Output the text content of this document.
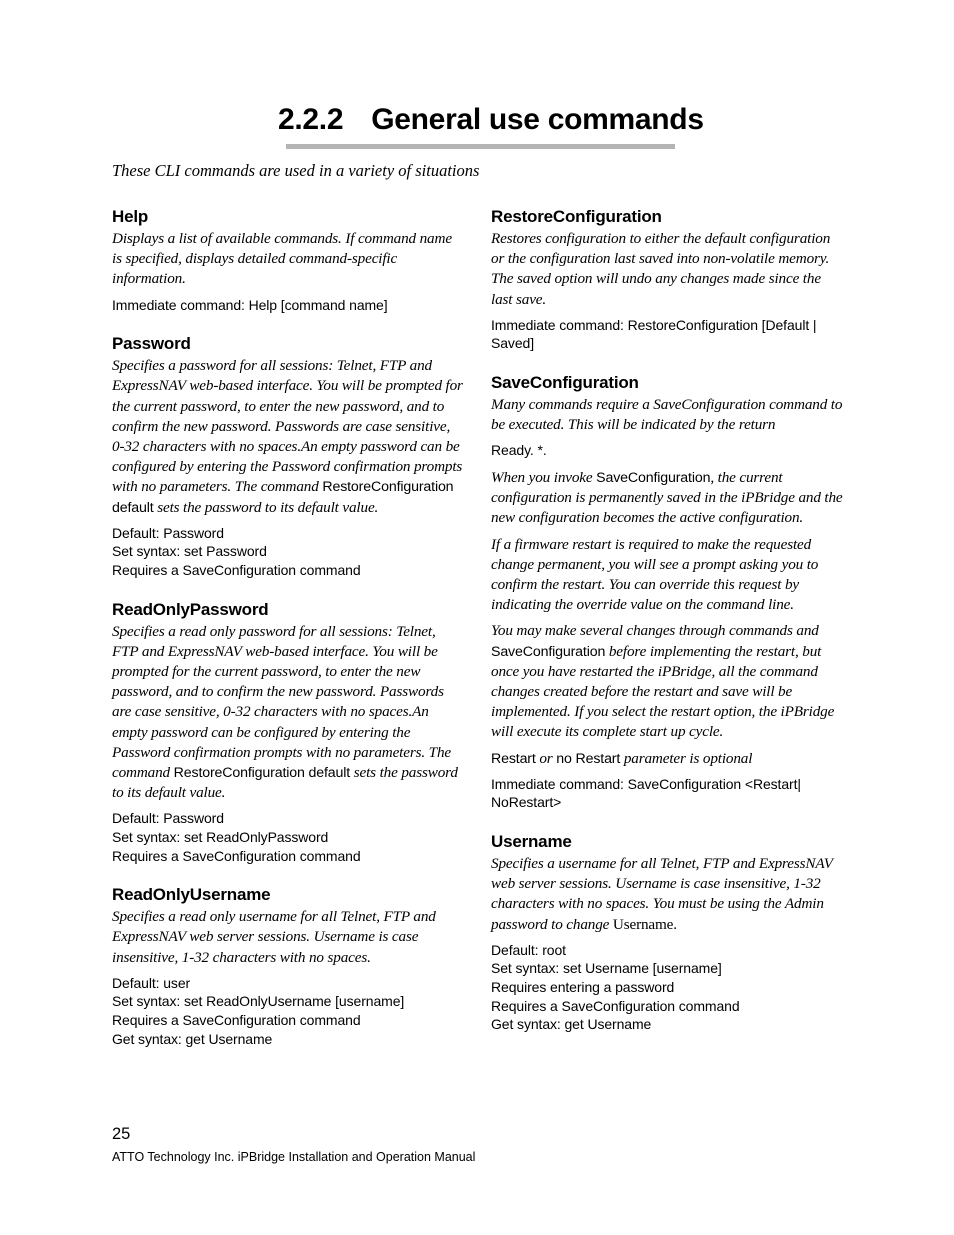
2.2.2 General use commands
These CLI commands are used in a variety of situations

Help

Displays a list of available commands. If command name is specified, displays detailed command-specific information.

Immediate command: Help [command name]

Password

Specifies a password for all sessions: Telnet, FTP and ExpressNAV web-based interface. You will be prompted for the current password, to enter the new password, and to confirm the new password. Passwords are case sensitive, 0-32 characters with no spaces.An empty password can be configured by entering the Password confirmation prompts with no parameters. The command RestoreConfiguration default sets the password to its default value.

Default: Password

Set syntax: set Password

Requires a SaveConfiguration command

ReadOnlyPassword

Specifies a read only password for all sessions: Telnet, FTP and ExpressNAV web-based interface. You will be prompted for the current password, to enter the new password, and to confirm the new password. Passwords are case sensitive, 0-32 characters with no spaces.An empty password can be configured by entering the Password confirmation prompts with no parameters. The command RestoreConfiguration default sets the password to its default value.

Default: Password

Set syntax: set ReadOnlyPassword

Requires a SaveConfiguration command

ReadOnlyUsername

Specifies a read only username for all Telnet, FTP and ExpressNAV web server sessions. Username is case insensitive, 1-32 characters with no spaces.

Default: user

Set syntax: set ReadOnlyUsername [username]

Requires a SaveConfiguration command

Get syntax: get Username

RestoreConfiguration

Restores configuration to either the default configuration or the configuration last saved into non-volatile memory. The saved option will undo any changes made since the last save.

Immediate command: RestoreConfiguration [Default |

Saved]

SaveConfiguration

Many commands require a SaveConfiguration command to be executed. This will be indicated by the return

Ready. *.

When you invoke SaveConfiguration, the current configuration is permanently saved in the iPBridge and the new configuration becomes the active configuration.

If a firmware restart is required to make the requested change permanent, you will see a prompt asking you to confirm the restart. You can override this request by indicating the override value on the command line.

You may make several changes through commands and SaveConfiguration before implementing the restart, but once you have restarted the iPBridge, all the command changes created before the restart and save will be implemented. If you select the restart option, the iPBridge will execute its complete start up cycle.

Restart or no Restart parameter is optional

Immediate command: SaveConfiguration <Restart|

NoRestart>

Username

Specifies a username for all Telnet, FTP and ExpressNAV web server sessions. Username is case insensitive, 1-32 characters with no spaces. You must be using the Admin password to change Username.

Default: root

Set syntax: set Username [username]

Requires entering a password

Requires a SaveConfiguration command

Get syntax: get Username

25
ATTO Technology Inc. iPBridge Installation and Operation Manual
